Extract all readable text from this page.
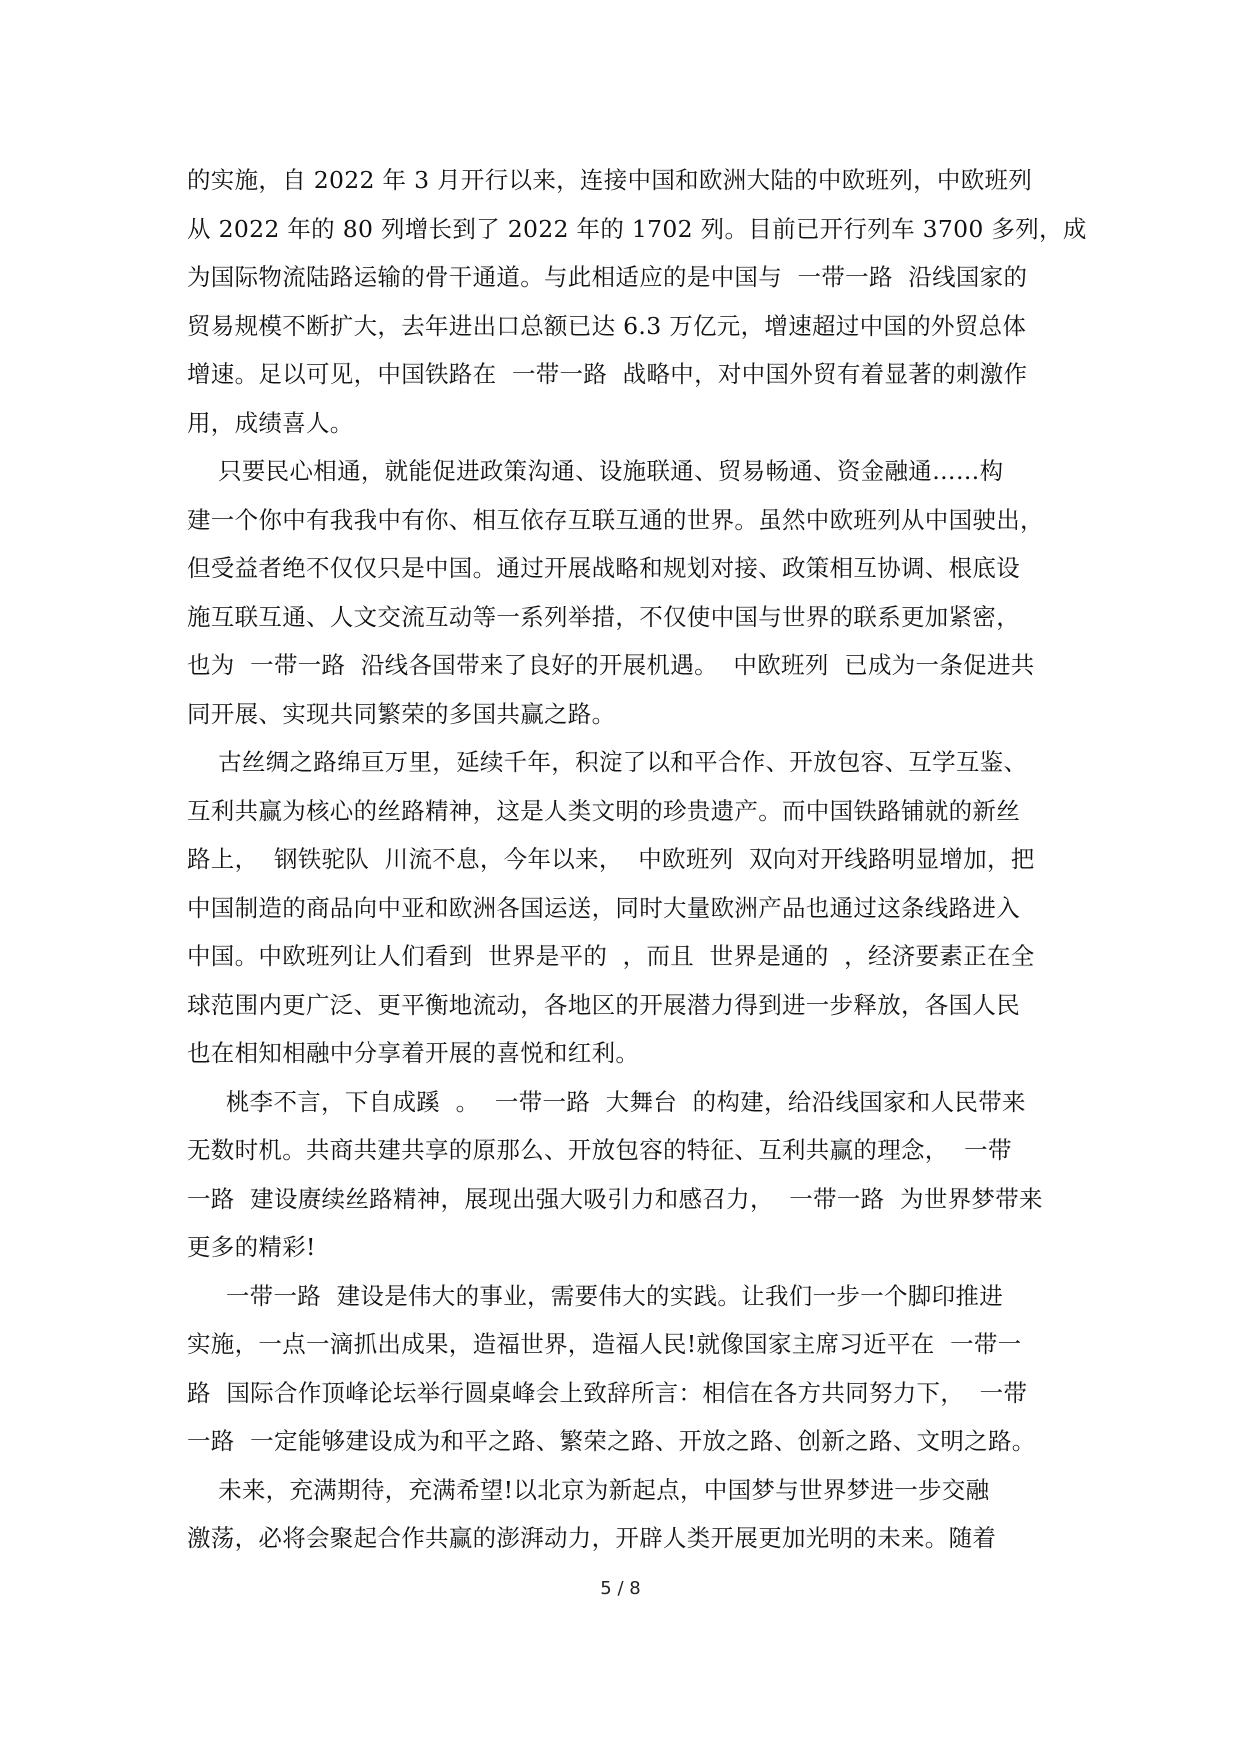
的实施，自 2022 年 3 月开行以来，连接中国和欧洲大陆的中欧班列，中欧班列
从 2022 年的 80 列增长到了 2022 年的 1702 列。目前已开行列车 3700 多列，成
为国际物流陆路运输的骨干通道。与此相适应的是中国与  一带一路  沿线国家的
贸易规模不断扩大，去年进出口总额已达 6.3 万亿元，增速超过中国的外贸总体
增速。足以可见，中国铁路在  一带一路  战略中，对中国外贸有着显著的刺激作
用，成绩喜人。
只要民心相通，就能促进政策沟通、设施联通、贸易畅通、资金融通……构
建一个你中有我我中有你、相互依存互联互通的世界。虽然中欧班列从中国驶出，
但受益者绝不仅仅只是中国。通过开展战略和规划对接、政策相互协调、根底设
施互联互通、人文交流互动等一系列举措，不仅使中国与世界的联系更加紧密，
也为  一带一路  沿线各国带来了良好的开展机遇。  中欧班列  已成为一条促进共
同开展、实现共同繁荣的多国共赢之路。
古丝绸之路绵亘万里，延续千年，积淀了以和平合作、开放包容、互学互鉴、
互利共赢为核心的丝路精神，这是人类文明的珍贵遗产。而中国铁路铺就的新丝
路上，  钢铁驼队  川流不息，今年以来，  中欧班列  双向对开线路明显增加，把
中国制造的商品向中亚和欧洲各国运送，同时大量欧洲产品也通过这条线路进入
中国。中欧班列让人们看到  世界是平的  ，而且  世界是通的  ，经济要素正在全
球范围内更广泛、更平衡地流动，各地区的开展潜力得到进一步释放，各国人民
也在相知相融中分享着开展的喜悦和红利。
桃李不言，下自成蹊  。  一带一路  大舞台  的构建，给沿线国家和人民带来
无数时机。共商共建共享的原那么、开放包容的特征、互利共赢的理念，  一带
一路  建设赓续丝路精神，展现出强大吸引力和感召力，  一带一路  为世界梦带来
更多的精彩!
一带一路  建设是伟大的事业，需要伟大的实践。让我们一步一个脚印推进
实施，一点一滴抓出成果，造福世界，造福人民!就像国家主席习近平在  一带一
路  国际合作顶峰论坛举行圆桌峰会上致辞所言：相信在各方共同努力下，  一带
一路  一定能够建设成为和平之路、繁荣之路、开放之路、创新之路、文明之路。
未来，充满期待，充满希望!以北京为新起点，中国梦与世界梦进一步交融
激荡，必将会聚起合作共赢的澎湃动力，开辟人类开展更加光明的未来。随着
5 / 8
